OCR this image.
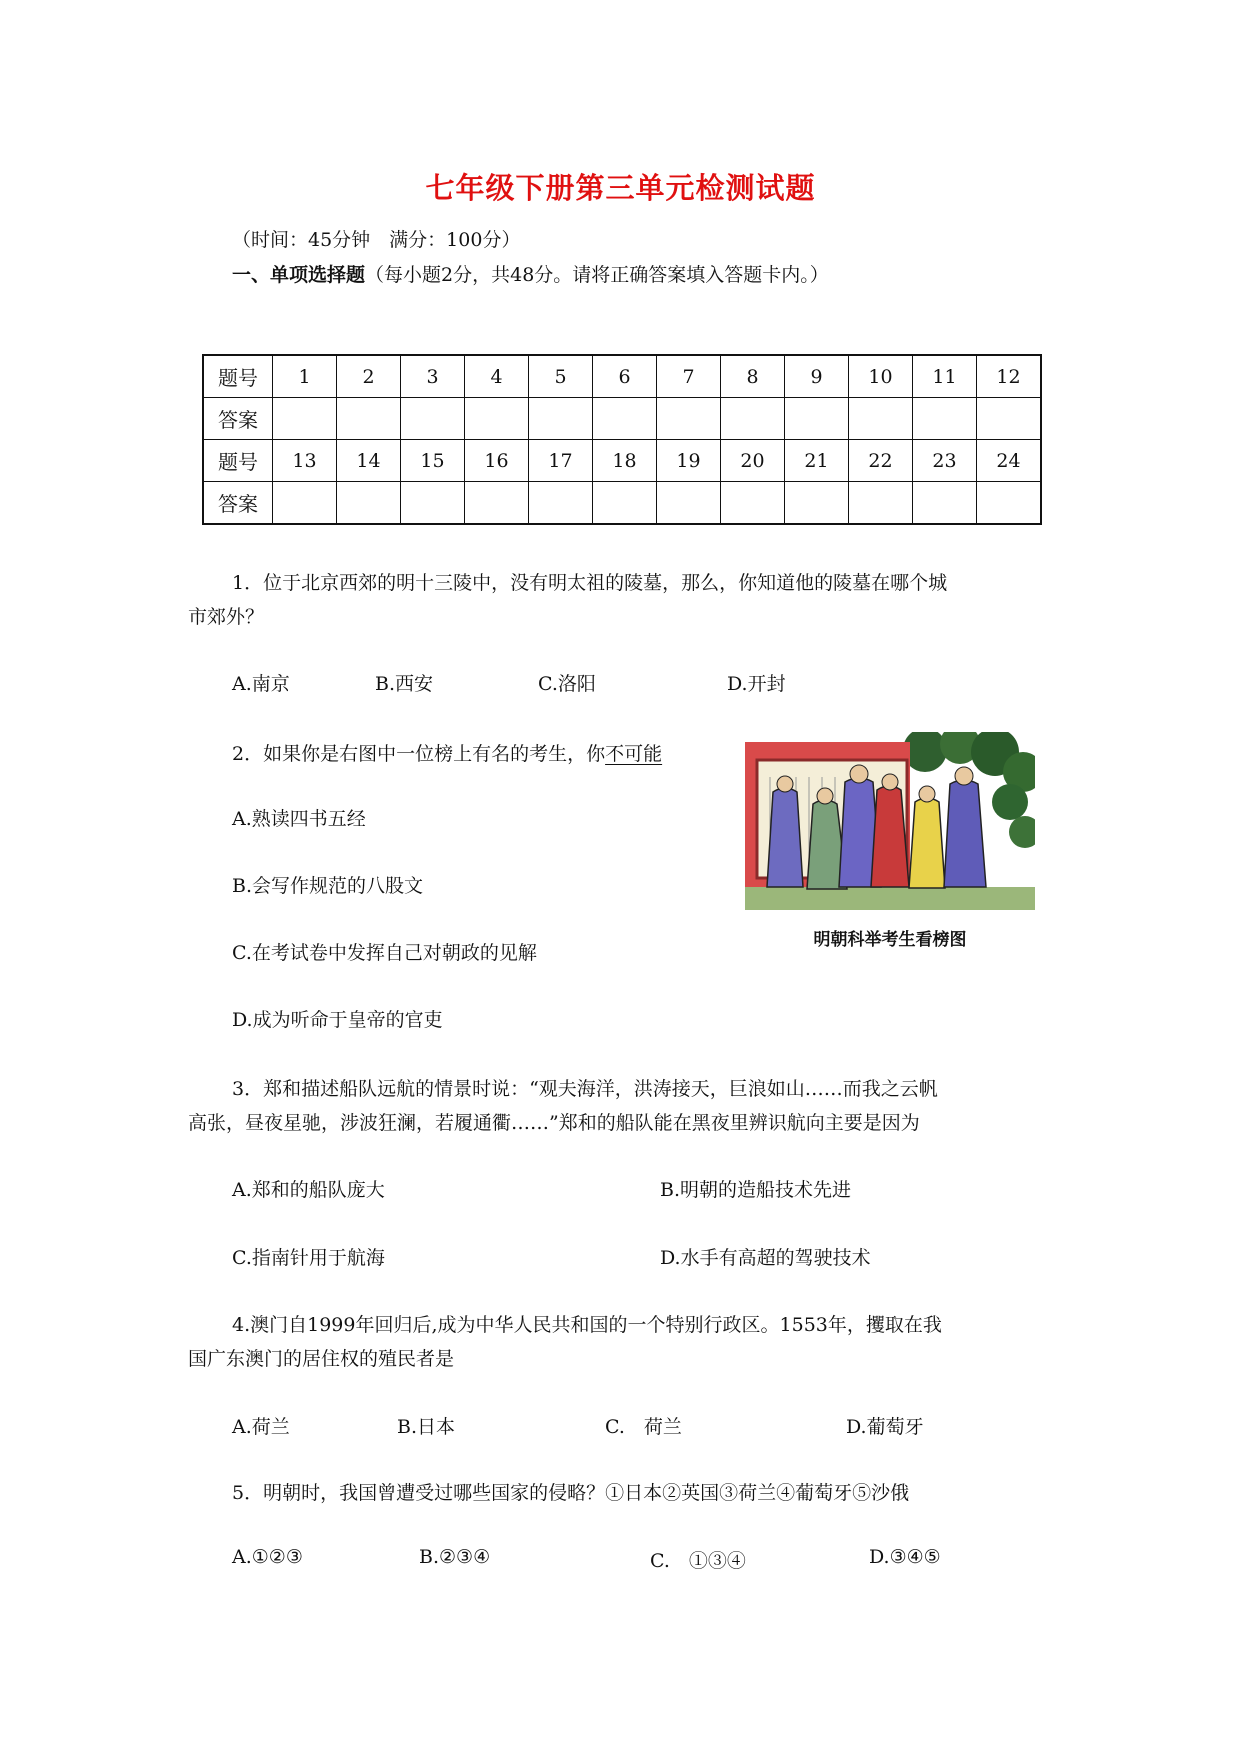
七年级下册第三单元检测试题
（时间：45分钟　满分：100分）
一、单项选择题（每小题2分，共48分。请将正确答案填入答题卡内。）
题号	1	2	3	4	5	6	7	8	9	10	11	12
答案												
题号	13	14	15	16	17	18	19	20	21	22	23	24
答案												
1．位于北京西郊的明十三陵中，没有明太祖的陵墓，那么，你知道他的陵墓在哪个城
市郊外？
A.南京	B.西安	C.洛阳	D.开封
2．如果你是右图中一位榜上有名的考生，你不可能
A.熟读四书五经
B.会写作规范的八股文
C.在考试卷中发挥自己对朝政的见解
D.成为听命于皇帝的官吏
明朝科举考生看榜图
3．郑和描述船队远航的情景时说：“观夫海洋，洪涛接天，巨浪如山……而我之云帆
高张，昼夜星驰，涉波狂澜，若履通衢……”郑和的船队能在黑夜里辨识航向主要是因为
A.郑和的船队庞大	B.明朝的造船技术先进
C.指南针用于航海	D.水手有高超的驾驶技术
4.澳门自1999年回归后,成为中华人民共和国的一个特别行政区。1553年，攫取在我
国广东澳门的居住权的殖民者是
A.荷兰	B.日本	C.　荷兰	D.葡萄牙
5．明朝时，我国曾遭受过哪些国家的侵略？①日本②英国③荷兰④葡萄牙⑤沙俄
A.①②③	B.②③④	C.　①③④	D.③④⑤
